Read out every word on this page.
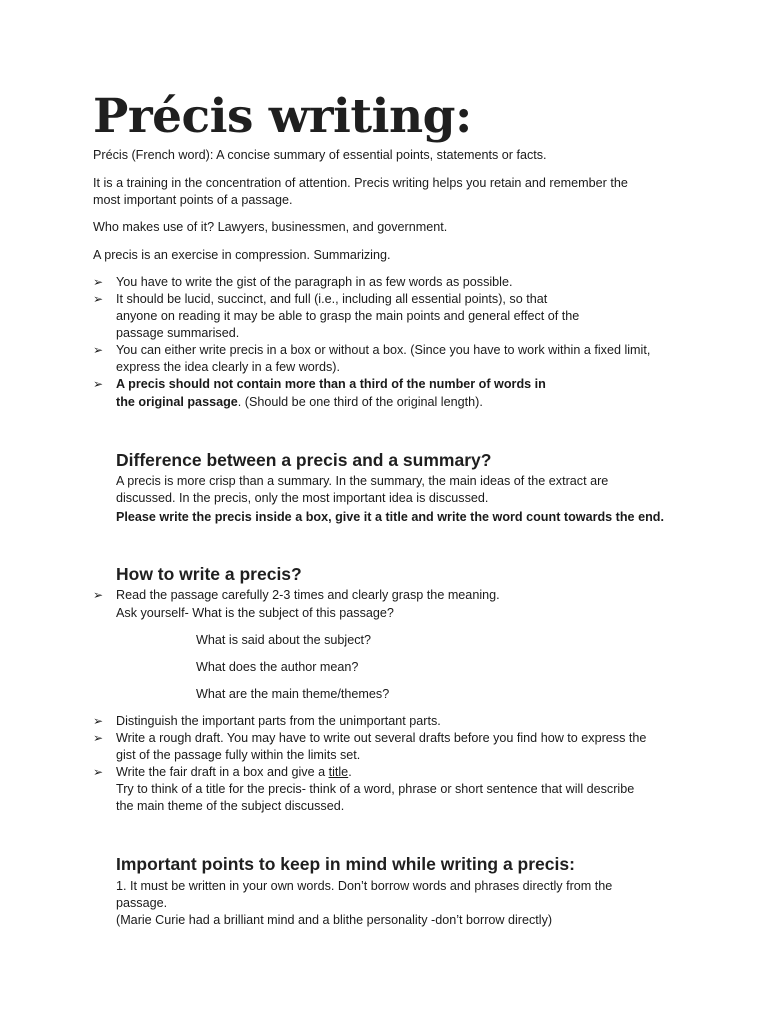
Précis writing:

Précis (French word): A concise summary of essential points, statements or facts.

It is a training in the concentration of attention. Precis writing helps you retain and remember the
most important points of a passage.

Who makes use of it? Lawyers, businessmen, and government.

A precis is an exercise in compression. Summarizing.

➢ You have to write the gist of the paragraph in as few words as possible.
➢ It should be lucid, succinct, and full (i.e., including all essential points), so that
anyone on reading it may be able to grasp the main points and general effect of the
passage summarised.
➢ You can either write precis in a box or without a box. (Since you have to work within a fixed limit,
express the idea clearly in a few words).
➢ A precis should not contain more than a third of the number of words in
the original passage. (Should be one third of the original length).
Difference between a precis and a summary?

A precis is more crisp than a summary. In the summary, the main ideas of the extract are
discussed. In the precis, only the most important idea is discussed.
Please write the precis inside a box, give it a title and write the word count towards the end.

How to write a precis?
➢ Read the passage carefully 2-3 times and clearly grasp the meaning.
Ask yourself- What is the subject of this passage?

What is said about the subject?

What does the author mean?

What are the main theme/themes?

➢ Distinguish the important parts from the unimportant parts.
➢ Write a rough draft. You may have to write out several drafts before you find how to express the
gist of the passage fully within the limits set.
➢ Write the fair draft in a box and give a title.
Try to think of a title for the precis- think of a word, phrase or short sentence that will describe
the main theme of the subject discussed.
Important points to keep in mind while writing a precis:

1. It must be written in your own words. Don’t borrow words and phrases directly from the
passage.
(Marie Curie had a brilliant mind and a blithe personality -don’t borrow directly)
